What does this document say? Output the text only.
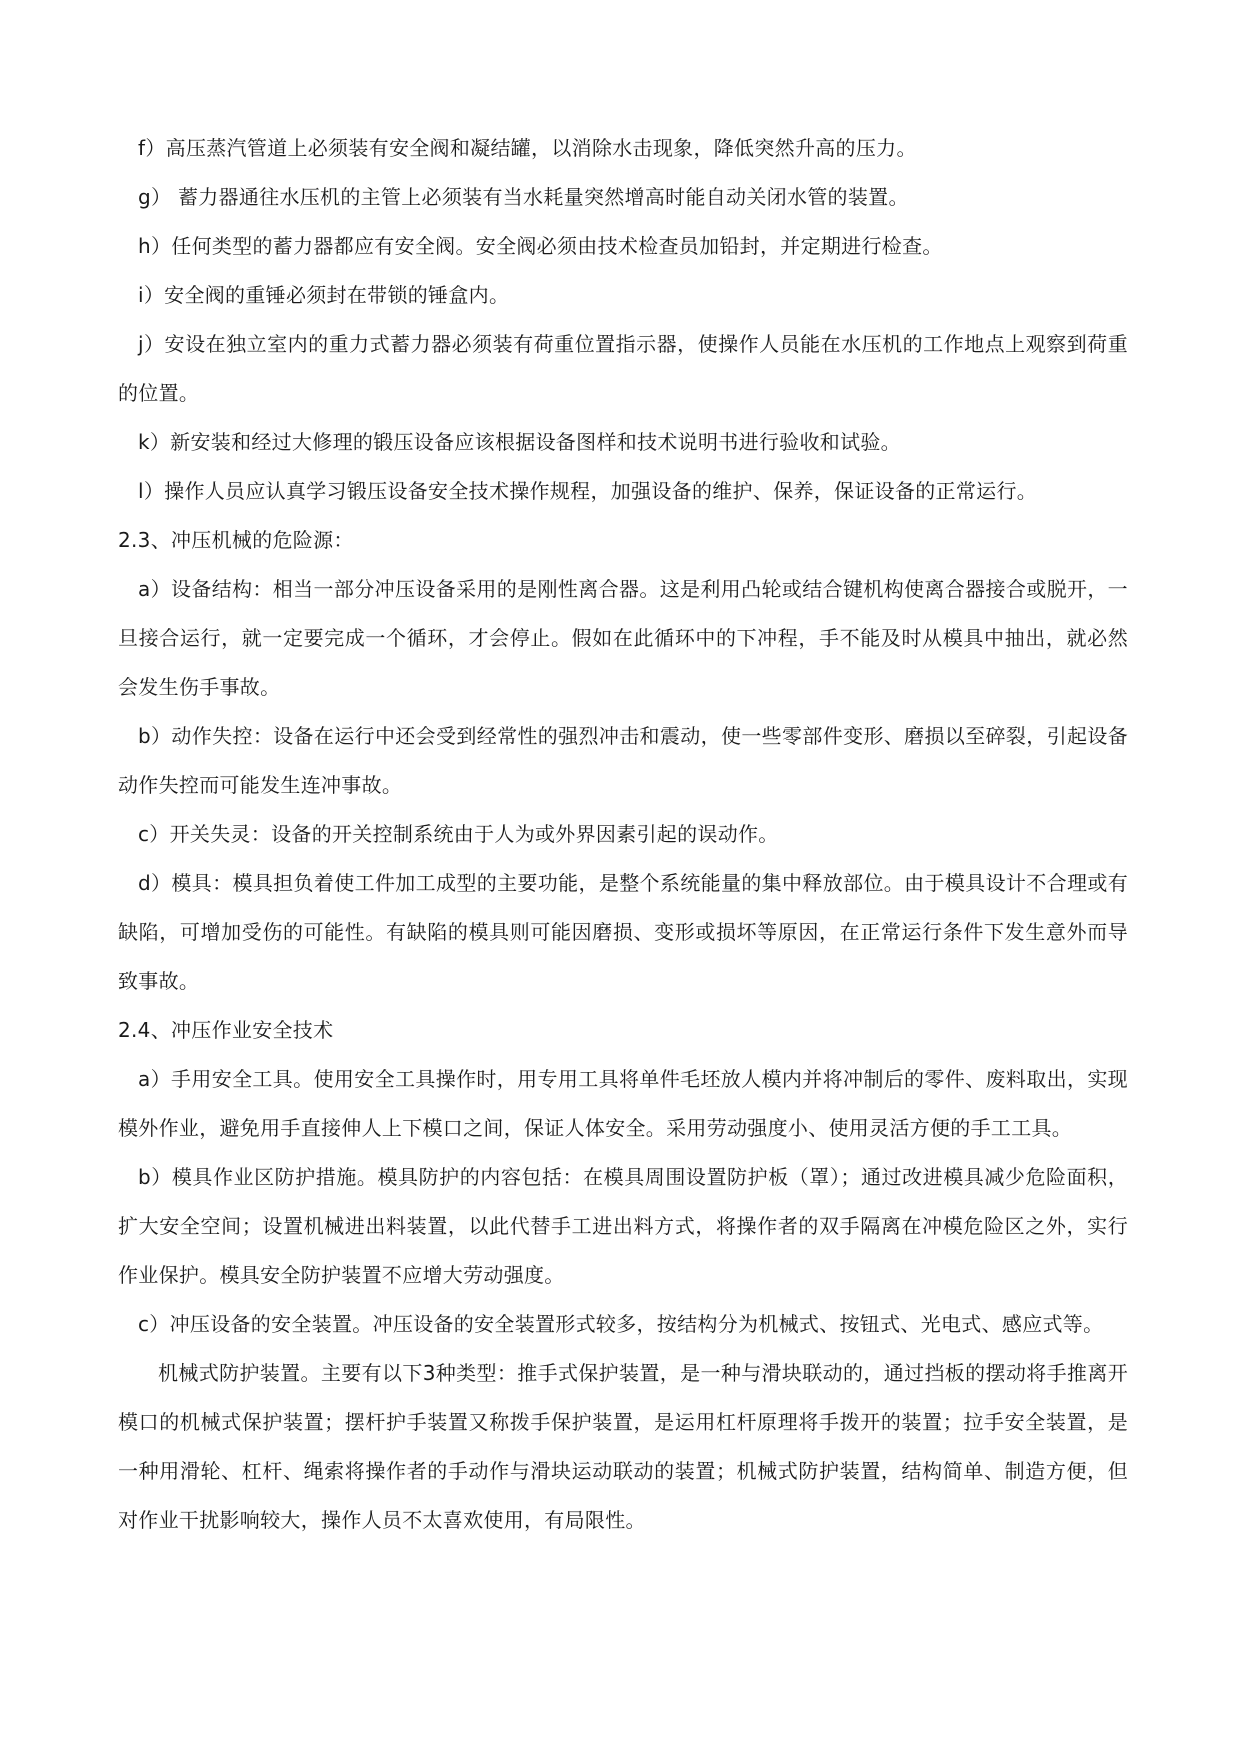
f）高压蒸汽管道上必须装有安全阀和凝结罐，以消除水击现象，降低突然升高的压力。

g） 蓄力器通往水压机的主管上必须装有当水耗量突然增高时能自动关闭水管的装置。

h）任何类型的蓄力器都应有安全阀。安全阀必须由技术检查员加铅封，并定期进行检查。

i）安全阀的重锤必须封在带锁的锤盒内。

j）安设在独立室内的重力式蓄力器必须装有荷重位置指示器，使操作人员能在水压机的工作地点上观察到荷重的位置。

k）新安装和经过大修理的锻压设备应该根据设备图样和技术说明书进行验收和试验。

l）操作人员应认真学习锻压设备安全技术操作规程，加强设备的维护、保养，保证设备的正常运行。

2.3、冲压机械的危险源：

a）设备结构：相当一部分冲压设备采用的是刚性离合器。这是利用凸轮或结合键机构使离合器接合或脱开，一旦接合运行，就一定要完成一个循环，才会停止。假如在此循环中的下冲程，手不能及时从模具中抽出，就必然会发生伤手事故。

b）动作失控：设备在运行中还会受到经常性的强烈冲击和震动，使一些零部件变形、磨损以至碎裂，引起设备动作失控而可能发生连冲事故。

c）开关失灵：设备的开关控制系统由于人为或外界因素引起的误动作。

d）模具：模具担负着使工件加工成型的主要功能，是整个系统能量的集中释放部位。由于模具设计不合理或有缺陷，可增加受伤的可能性。有缺陷的模具则可能因磨损、变形或损坏等原因，在正常运行条件下发生意外而导致事故。

2.4、冲压作业安全技术

a）手用安全工具。使用安全工具操作时，用专用工具将单件毛坯放人模内并将冲制后的零件、废料取出，实现模外作业，避免用手直接伸人上下模口之间，保证人体安全。采用劳动强度小、使用灵活方便的手工工具。

b）模具作业区防护措施。模具防护的内容包括：在模具周围设置防护板（罩）；通过改进模具减少危险面积，扩大安全空间；设置机械进出料装置，以此代替手工进出料方式，将操作者的双手隔离在冲模危险区之外，实行作业保护。模具安全防护装置不应增大劳动强度。

c）冲压设备的安全装置。冲压设备的安全装置形式较多，按结构分为机械式、按钮式、光电式、感应式等。

机械式防护装置。主要有以下3种类型：推手式保护装置，是一种与滑块联动的，通过挡板的摆动将手推离开模口的机械式保护装置；摆杆护手装置又称拨手保护装置，是运用杠杆原理将手拨开的装置；拉手安全装置，是一种用滑轮、杠杆、绳索将操作者的手动作与滑块运动联动的装置；机械式防护装置，结构简单、制造方便，但对作业干扰影响较大，操作人员不太喜欢使用，有局限性。
